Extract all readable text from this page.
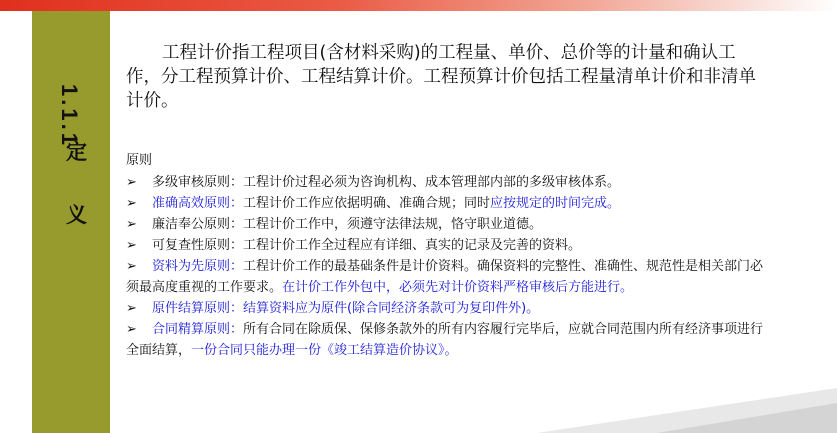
1.1.1
定
义
工程计价指工程项目(含材料采购)的工程量、单价、总价等的计量和确认工作，分工程预算计价、工程结算计价。工程预算计价包括工程量清单计价和非清单计价。
原则

➢ 多级审核原则：工程计价过程必须为咨询机构、成本管理部内部的多级审核体系。

➢ 准确高效原则：工程计价工作应依据明确、准确合规；同时应按规定的时间完成。

➢ 廉洁奉公原则：工程计价工作中，须遵守法律法规，恪守职业道德。

➢ 可复查性原则：工程计价工作全过程应有详细、真实的记录及完善的资料。

➢ 资料为先原则：工程计价工作的最基础条件是计价资料。确保资料的完整性、准确性、规范性是相关部门必须最高度重视的工作要求。在计价工作外包中，必须先对计价资料严格审核后方能进行。

➢ 原件结算原则：结算资料应为原件(除合同经济条款可为复印件外)。

➢ 合同精算原则：所有合同在除质保、保修条款外的所有内容履行完毕后，应就合同范围内所有经济事项进行全面结算，一份合同只能办理一份《竣工结算造价协议》。
